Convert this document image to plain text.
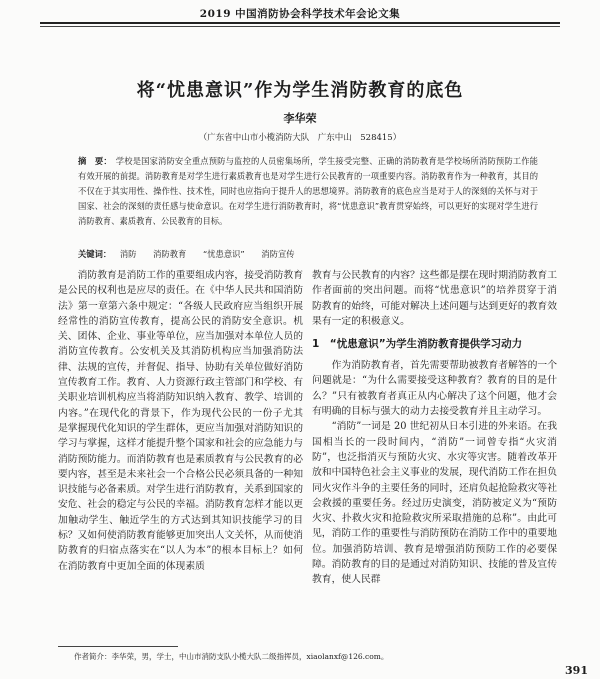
2019 中国消防协会科学技术年会论文集
将“忧患意识”作为学生消防教育的底色
李华荣
（广东省中山市小榄消防大队　广东中山　528415）
摘　要： 学校是国家消防安全重点预防与监控的人员密集场所，学生接受完整、正确的消防教育是学校场所消防预防工作能有效开展的前提。消防教育是对学生进行素质教育也是对学生进行公民教育的一项重要内容。消防教育作为一种教育，其目的不仅在于其实用性、操作性、技术性，同时也应指向于提升人的思想境界。消防教育的底色应当是对于人的深刻的关怀与对于国家、社会的深刻的责任感与使命意识。在对学生进行消防教育时，将“忧患意识”教育贯穿始终，可以更好的实现对学生进行消防教育、素质教育、公民教育的目标。
关键词： 消防 消防教育 “忧患意识” 消防宣传

消防教育是消防工作的重要组成内容，接受消防教育是公民的权利也是应尽的责任。在《中华人民共和国消防法》第一章第六条中规定：“各级人民政府应当组织开展经常性的消防宣传教育，提高公民的消防安全意识。机关、团体、企业、事业等单位，应当加强对本单位人员的消防宣传教育。公安机关及其消防机构应当加强消防法律、法规的宣传，并督促、指导、协助有关单位做好消防宣传教育工作。教育、人力资源行政主管部门和学校、有关职业培训机构应当将消防知识纳入教育、教学、培训的内容。”在现代化的背景下，作为现代公民的一份子尤其是掌握现代化知识的学生群体，更应当加强对消防知识的学习与掌握，这样才能提升整个国家和社会的应急能力与消防预防能力。而消防教育也是素质教育与公民教育的必要内容，甚至是未来社会一个合格公民必须具备的一种知识技能与必备素质。对学生进行消防教育，关系到国家的安危、社会的稳定与公民的幸福。消防教育怎样才能以更加触动学生、触近学生的方式达到其知识技能学习的目标？又如何使消防教育能够更加突出人文关怀，从而使消防教育的归宿点落实在“以人为本”的根本目标上？如何在消防教育中更加全面的体现素质

教育与公民教育的内容？这些都是摆在现时期消防教育工作者面前的突出问题。而将“忧患意识”的培养贯穿于消防教育的始终，可能对解决上述问题与达到更好的教育效果有一定的积极意义。

1　“忧患意识”为学生消防教育提供学习动力

作为消防教育者，首先需要帮助被教育者解答的一个问题就是：“为什么需要接受这种教育？教育的目的是什么？”只有被教育者真正从内心解决了这个问题，他才会有明确的目标与强大的动力去接受教育并且主动学习。

“消防”一词是 20 世纪初从日本引进的外来语。在我国相当长的一段时间内，“消防”一词曾专指“火灾消防”，也泛指消灭与预防火灾、水灾等灾害。随着改革开放和中国特色社会主义事业的发展，现代消防工作在担负同火灾作斗争的主要任务的同时，还肩负起抢险救灾等社会救援的重要任务。经过历史演变，消防被定义为“预防火灾、扑救火灾和抢险救灾所采取措施的总称”。由此可见，消防工作的重要性与消防预防在消防工作中的重要地位。加强消防培训、教育是增强消防预防工作的必要保障。消防教育的目的是通过对消防知识、技能的普及宣传教育，使人民群

作者简介：李华荣，男，学士，中山市消防支队小榄大队二级指挥员，xiaolanxf@126.com。
391
